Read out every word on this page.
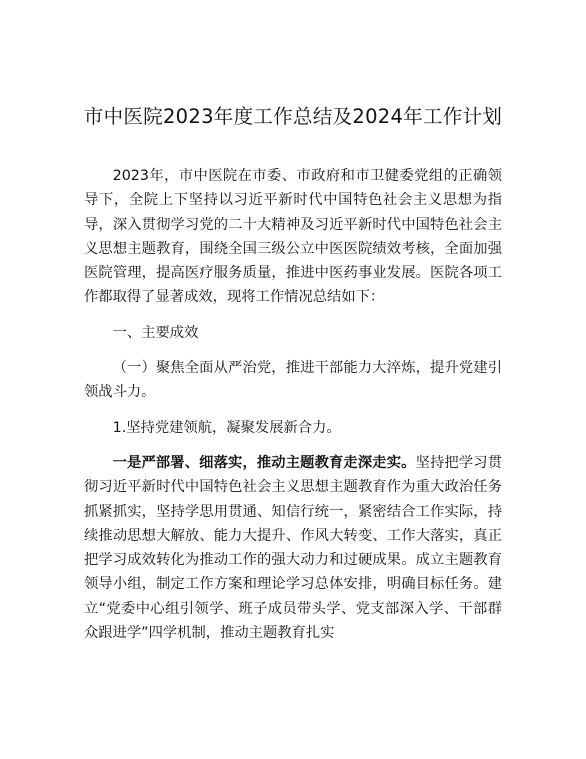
市中医院2023年度工作总结及2024年工作计划

2023年，市中医院在市委、市政府和市卫健委党组的正确领导下，全院上下坚持以习近平新时代中国特色社会主义思想为指导，深入贯彻学习党的二十大精神及习近平新时代中国特色社会主义思想主题教育，围绕全国三级公立中医医院绩效考核，全面加强医院管理，提高医疗服务质量，推进中医药事业发展。医院各项工作都取得了显著成效，现将工作情况总结如下：

一、主要成效

（一）聚焦全面从严治党，推进干部能力大淬炼，提升党建引领战斗力。

1.坚持党建领航，凝聚发展新合力。

一是严部署、细落实，推动主题教育走深走实。坚持把学习贯彻习近平新时代中国特色社会主义思想主题教育作为重大政治任务抓紧抓实，坚持学思用贯通、知信行统一，紧密结合工作实际，持续推动思想大解放、能力大提升、作风大转变、工作大落实，真正把学习成效转化为推动工作的强大动力和过硬成果。成立主题教育领导小组，制定工作方案和理论学习总体安排，明确目标任务。建立“党委中心组引领学、班子成员带头学、党支部深入学、干部群众跟进学”四学机制，推动主题教育扎实
